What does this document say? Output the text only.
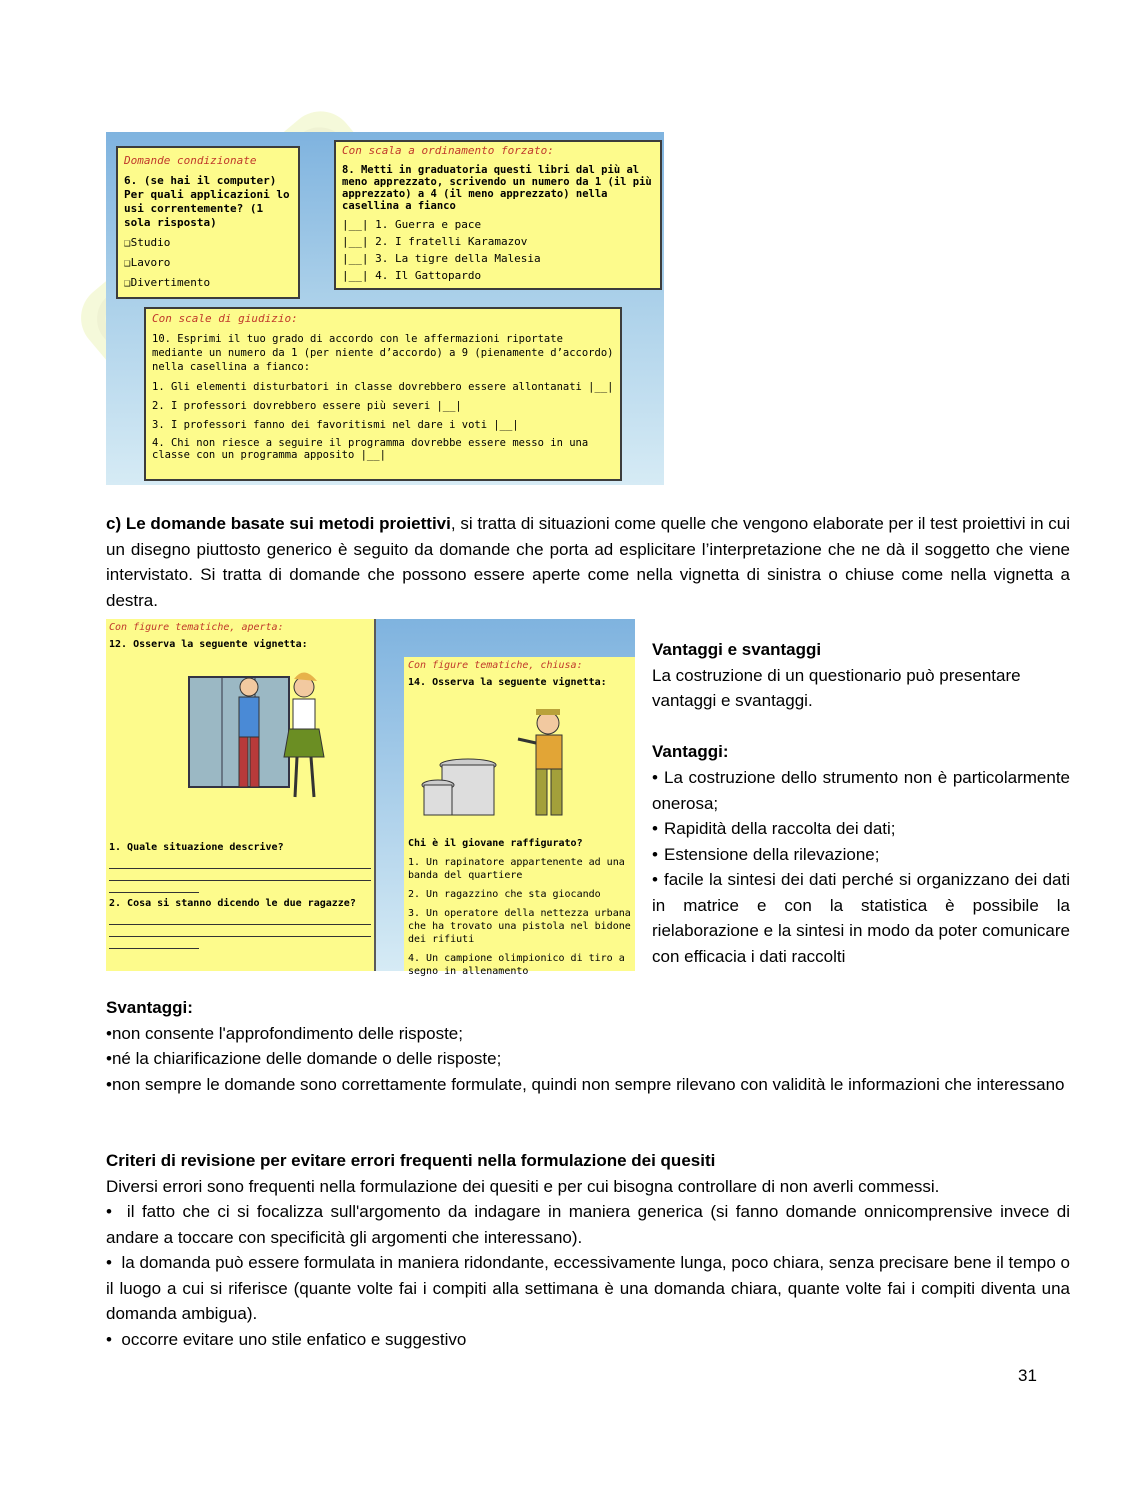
Domande condizionate
6. (se hai il computer) Per quali applicazioni lo usi correntemente? (1 sola risposta)
❑Studio
❑Lavoro
❑Divertimento
Con scala a ordinamento forzato:
8. Metti in graduatoria questi libri dal più al meno apprezzato, scrivendo un numero da 1 (il più apprezzato) a 4 (il meno apprezzato) nella casellina a fianco
|__| 1. Guerra e pace
|__| 2. I fratelli Karamazov
|__| 3. La tigre della Malesia
|__| 4. Il Gattopardo
Con scale di giudizio:
10. Esprimi il tuo grado di accordo con le affermazioni riportate mediante un numero da 1 (per niente d’accordo) a 9 (pienamente d’accordo) nella casellina a fianco:
1. Gli elementi disturbatori in classe dovrebbero essere allontanati |__|
2. I professori dovrebbero essere più severi |__|
3. I professori fanno dei favoritismi nel dare i voti |__|
4. Chi non riesce a seguire il programma dovrebbe essere messo in una classe con un programma apposito |__|
c) Le domande basate sui metodi proiettivi, si tratta di situazioni come quelle che vengono elaborate per il test proiettivi in cui un disegno piuttosto generico è seguito da domande che porta ad esplicitare l’interpretazione che ne dà il soggetto che viene intervistato. Si tratta di domande che possono essere aperte come nella vignetta di sinistra o chiuse come nella vignetta a destra.
Con figure tematiche, aperta:
12. Osserva la seguente vignetta:
1. Quale situazione descrive?
2. Cosa si stanno dicendo le due ragazze?
Con figure tematiche, chiusa:
14. Osserva la seguente vignetta:
Chi è il giovane raffigurato?
1. Un rapinatore appartenente ad una banda del quartiere
2. Un ragazzino che sta giocando
3. Un operatore della nettezza urbana che ha trovato una pistola nel bidone dei rifiuti
4. Un campione olimpionico di tiro a segno in allenamento
Vantaggi e svantaggi
La costruzione di un questionario può presentare vantaggi e svantaggi.
Vantaggi:
• La costruzione dello strumento non è particolarmente onerosa;
• Rapidità della raccolta dei dati;
• Estensione della rilevazione;
• facile la sintesi dei dati perché si organizzano dei dati in matrice e con la statistica è possibile la rielaborazione e la sintesi in modo da poter comunicare con efficacia i dati raccolti
Svantaggi:
•non consente l'approfondimento delle risposte;
•né la chiarificazione delle domande o delle risposte;
•non sempre le domande sono correttamente formulate, quindi non sempre rilevano con validità le informazioni che interessano
Criteri di revisione per evitare errori frequenti nella formulazione dei quesiti
Diversi errori sono frequenti nella formulazione dei quesiti e per cui bisogna controllare di non averli commessi.
•  il fatto che ci si focalizza sull'argomento da indagare in maniera generica (si fanno domande onnicomprensive invece di andare a toccare con specificità gli argomenti che interessano).
•  la domanda può essere formulata in maniera ridondante, eccessivamente lunga, poco chiara, senza precisare bene il tempo o il luogo a cui si riferisce (quante volte fai i compiti alla settimana è una domanda chiara, quante volte fai i compiti diventa una domanda ambigua).
•  occorre evitare uno stile enfatico e suggestivo
31
